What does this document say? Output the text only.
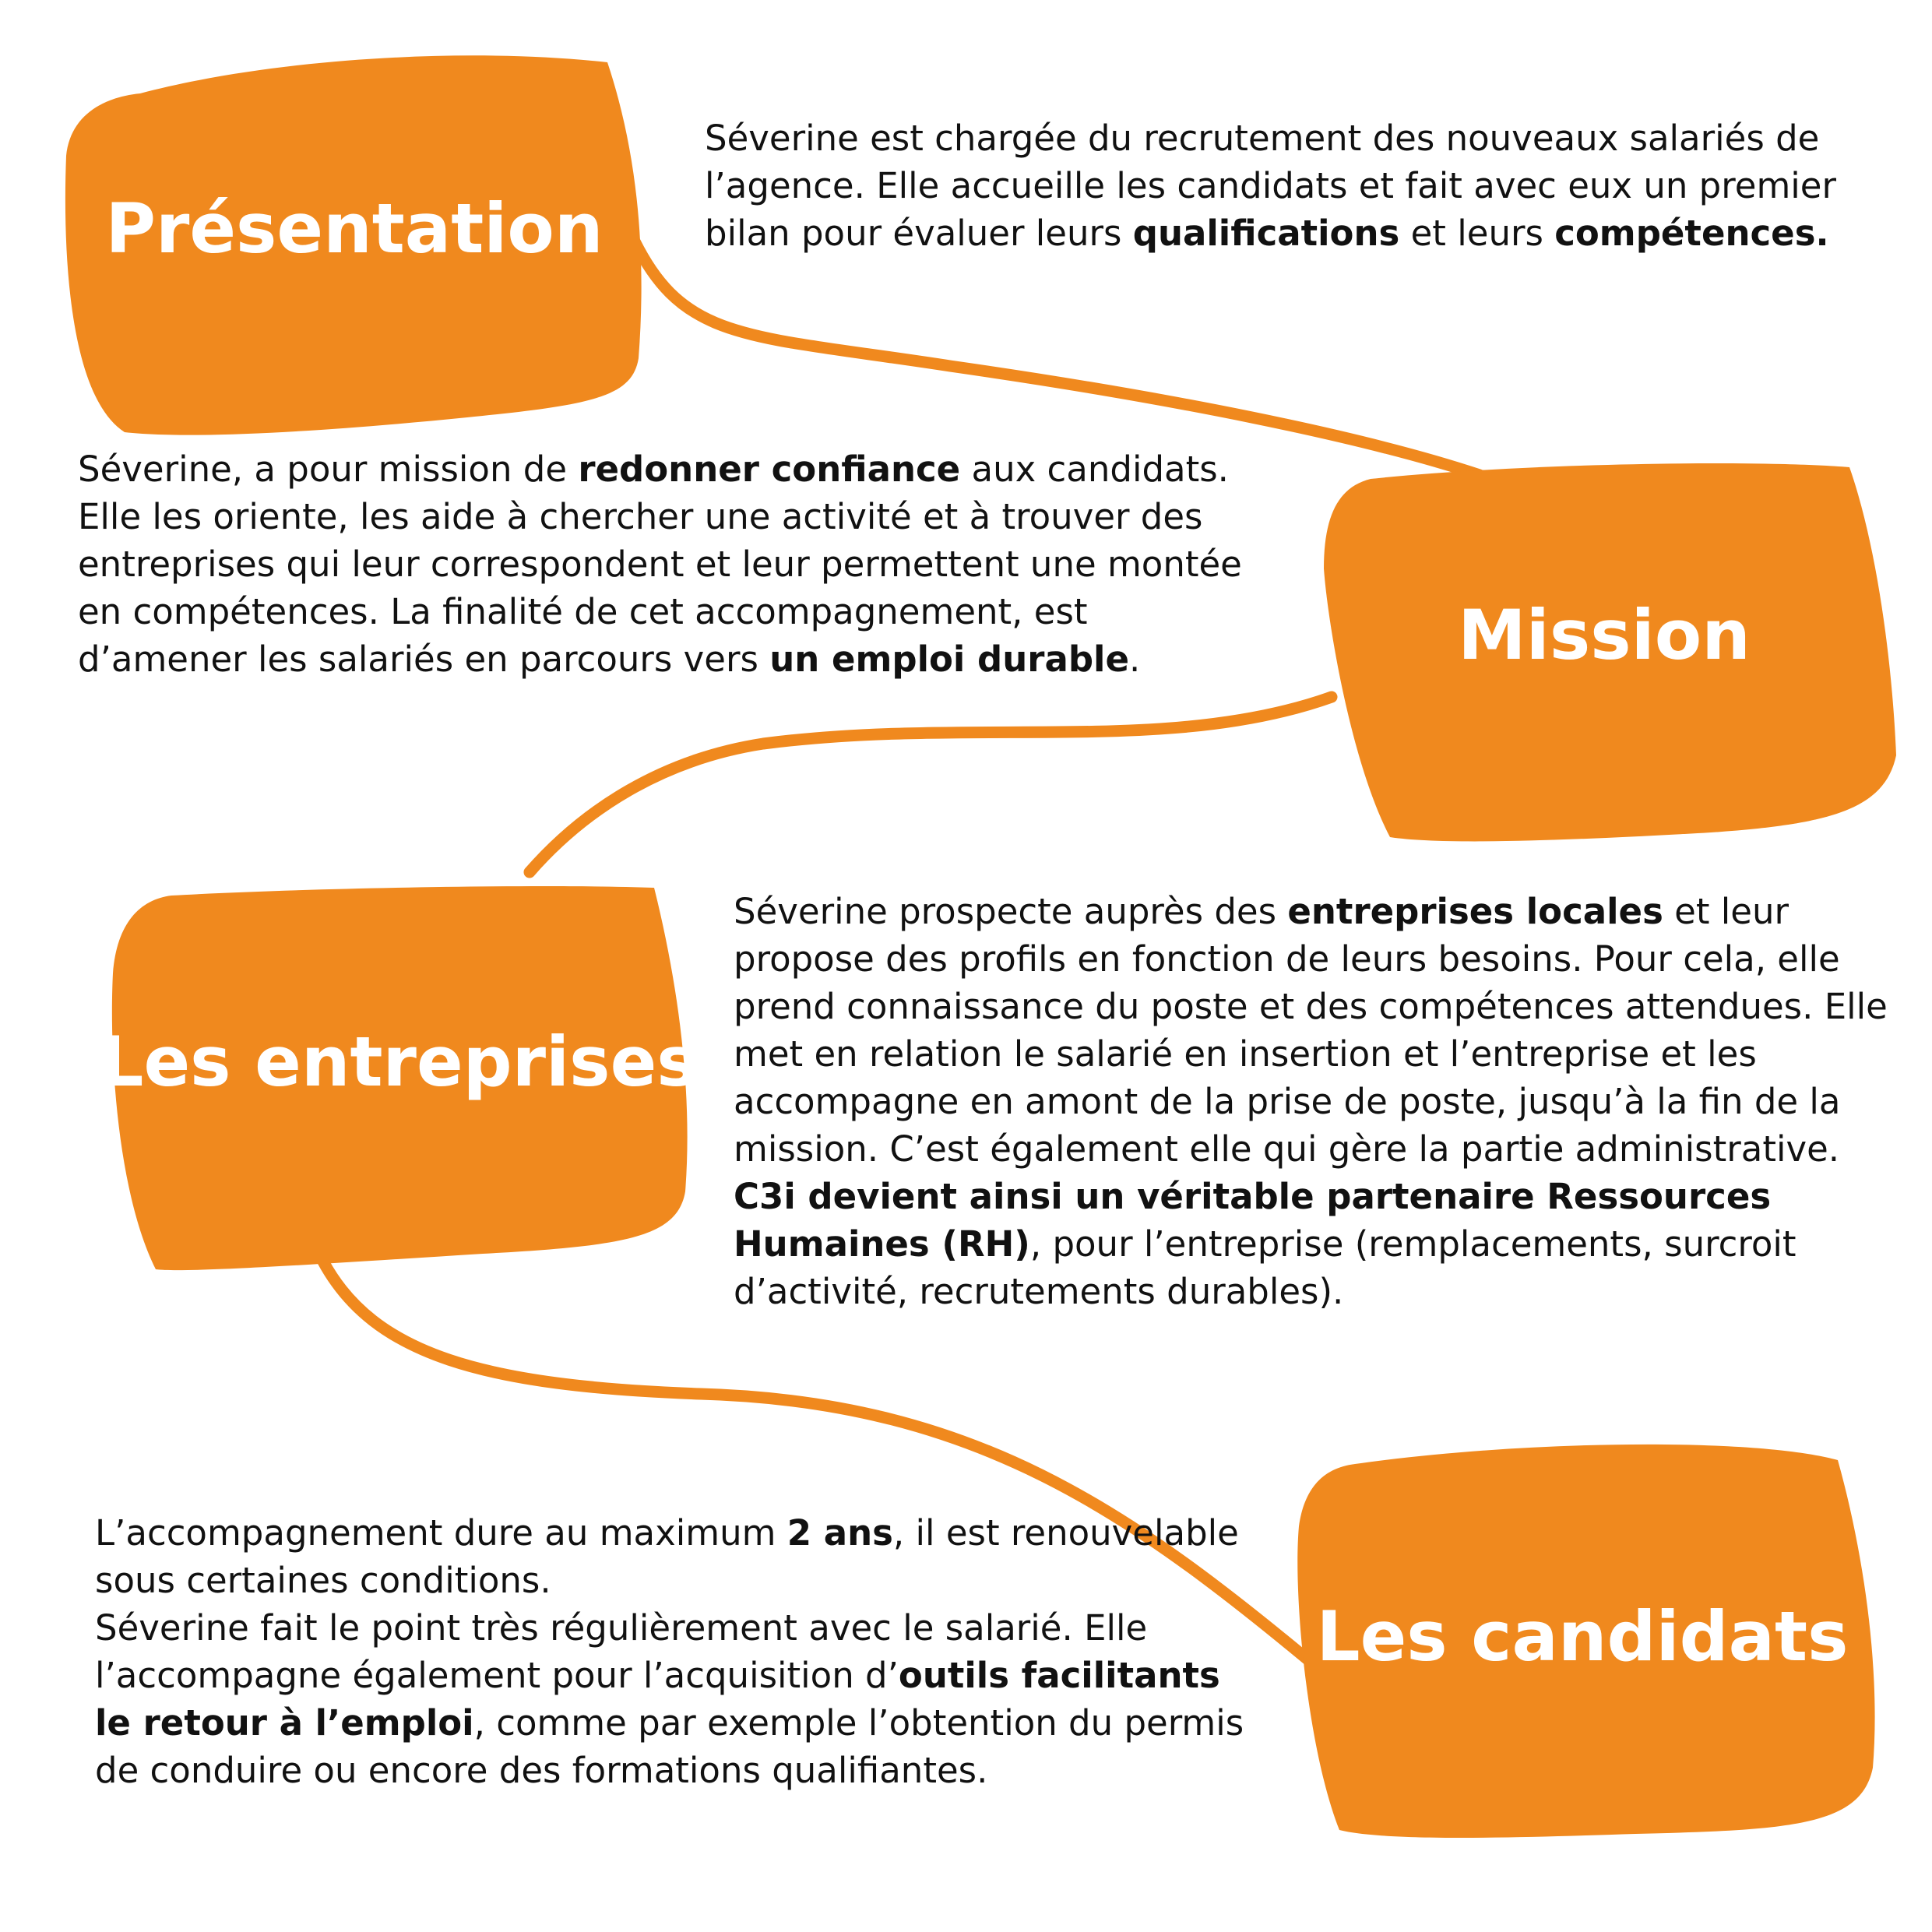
Présentation
Mission
Les entreprises
Les candidats

Séverine est chargée du recrutement des nouveaux salariés de l’agence. Elle accueille les candidats et fait avec eux un premier bilan pour évaluer leurs qualifications et leurs compétences.

Séverine, a pour mission de redonner confiance aux candidats. Elle les oriente, les aide à chercher une activité et à trouver des entreprises qui leur correspondent et leur permettent une montée en compétences. La finalité de cet accompagnement, est d’amener les salariés en parcours vers un emploi durable.

Séverine prospecte auprès des entreprises locales et leur propose des profils en fonction de leurs besoins. Pour cela, elle prend connaissance du poste et des compétences attendues. Elle met en relation le salarié en insertion et l’entreprise et les accompagne en amont de la prise de poste, jusqu’à la fin de la mission. C’est également elle qui gère la partie administrative. C3i devient ainsi un véritable partenaire Ressources Humaines (RH), pour l’entreprise (remplacements, surcroit d’activité, recrutements durables).

L’accompagnement dure au maximum 2 ans, il est renouvelable sous certaines conditions.
Séverine fait le point très régulièrement avec le salarié. Elle l’accompagne également pour l’acquisition d’outils facilitants le retour à l’emploi, comme par exemple l’obtention du permis de conduire ou encore des formations qualifiantes.
